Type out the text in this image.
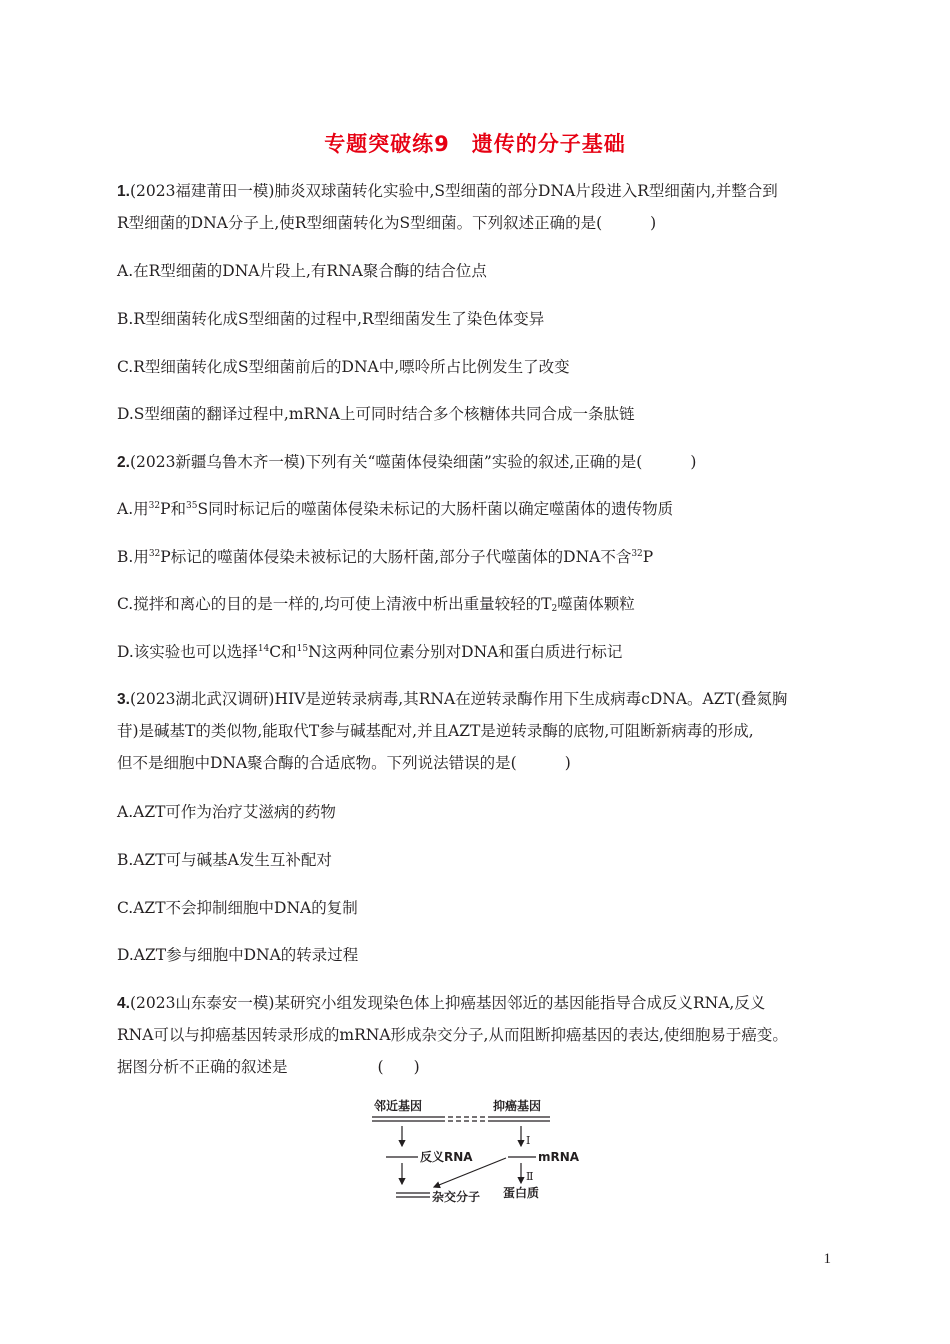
专题突破练9　遗传的分子基础
1.(2023福建莆田一模)肺炎双球菌转化实验中,S型细菌的部分DNA片段进入R型细菌内,并整合到
R型细菌的DNA分子上,使R型细菌转化为S型细菌。下列叙述正确的是(	)
A.在R型细菌的DNA片段上,有RNA聚合酶的结合位点
B.R型细菌转化成S型细菌的过程中,R型细菌发生了染色体变异
C.R型细菌转化成S型细菌前后的DNA中,嘌呤所占比例发生了改变
D.S型细菌的翻译过程中,mRNA上可同时结合多个核糖体共同合成一条肽链
2.(2023新疆乌鲁木齐一模)下列有关“噬菌体侵染细菌”实验的叙述,正确的是(	)
A.用$^{32}$P和$^{35}$S同时标记后的噬菌体侵染未标记的大肠杆菌以确定噬菌体的遗传物质
B.用$^{32}$P标记的噬菌体侵染未被标记的大肠杆菌,部分子代噬菌体的DNA不含$^{32}$P
C.搅拌和离心的目的是一样的,均可使上清液中析出重量较轻的$T_2$噬菌体颗粒
D.该实验也可以选择$^{14}$C和$^{15}$N这两种同位素分别对DNA和蛋白质进行标记
3.(2023湖北武汉调研)HIV是逆转录病毒,其RNA在逆转录酶作用下生成病毒cDNA。AZT(叠氮胸
苷)是碱基T的类似物,能取代T参与碱基配对,并且AZT是逆转录酶的底物,可阻断新病毒的形成,
但不是细胞中DNA聚合酶的合适底物。下列说法错误的是(	)
A.AZT可作为治疗艾滋病的药物
B.AZT可与碱基A发生互补配对
C.AZT不会抑制细胞中DNA的复制
D.AZT参与细胞中DNA的转录过程
4.(2023山东泰安一模)某研究小组发现染色体上抑癌基因邻近的基因能指导合成反义RNA,反义
RNA可以与抑癌基因转录形成的mRNA形成杂交分子,从而阻断抑癌基因的表达,使细胞易于癌变。
据图分析不正确的叙述是	( )
邻近基因	抑癌基因
反义RNA
Ⅰ
mRNA
Ⅱ
蛋白质
杂交分子
1
